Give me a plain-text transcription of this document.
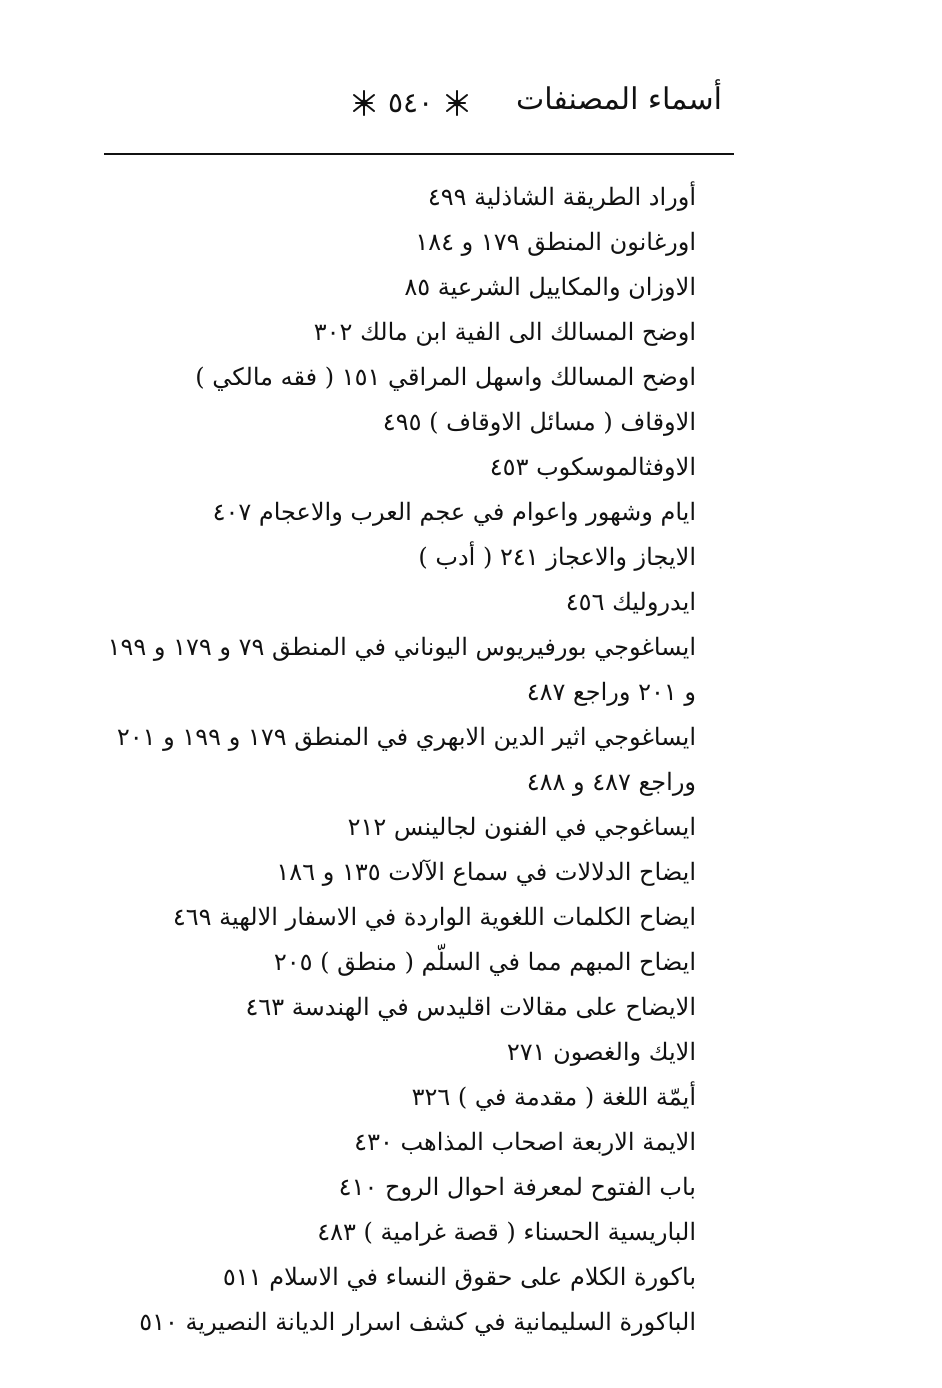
أسماء المصنفات
٥٤٠
أوراد الطريقة الشاذلية ٤٩٩
اورغانون المنطق ١٧٩ و ١٨٤
الاوزان والمكاييل الشرعية ٨٥
اوضح المسالك الى الفية ابن مالك ٣٠٢
اوضح المسالك واسهل المراقي ١٥١ ( فقه مالكي )
الاوقاف ( مسائل الاوقاف ) ٤٩٥
الاوفثالموسكوب ٤٥٣
ايام وشهور واعوام في عجم العرب والاعجام ٤٠٧
الايجاز والاعجاز ٢٤١ ( أدب )
ايدروليك ٤٥٦
ايساغوجي بورفيريوس اليوناني في المنطق ٧٩ و ١٧٩ و ١٩٩ و ٢٠١ وراجع ٤٨٧
ايساغوجي اثير الدين الابهري في المنطق ١٧٩ و ١٩٩ و ٢٠١ وراجع ٤٨٧ و ٤٨٨
ايساغوجي في الفنون لجالينس ٢١٢
ايضاح الدلالات في سماع الآلات ١٣٥ و ١٨٦
ايضاح الكلمات اللغوية الواردة في الاسفار الالهية ٤٦٩
ايضاح المبهم مما في السلّم ( منطق ) ٢٠٥
الايضاح على مقالات اقليدس في الهندسة ٤٦٣
الايك والغصون ٢٧١
أيمّة اللغة ( مقدمة في ) ٣٢٦
الايمة الاربعة اصحاب المذاهب ٤٣٠
باب الفتوح لمعرفة احوال الروح ٤١٠
الباريسية الحسناء ( قصة غرامية ) ٤٨٣
باكورة الكلام على حقوق النساء في الاسلام ٥١١
الباكورة السليمانية في كشف اسرار الديانة النصيرية ٥١٠
